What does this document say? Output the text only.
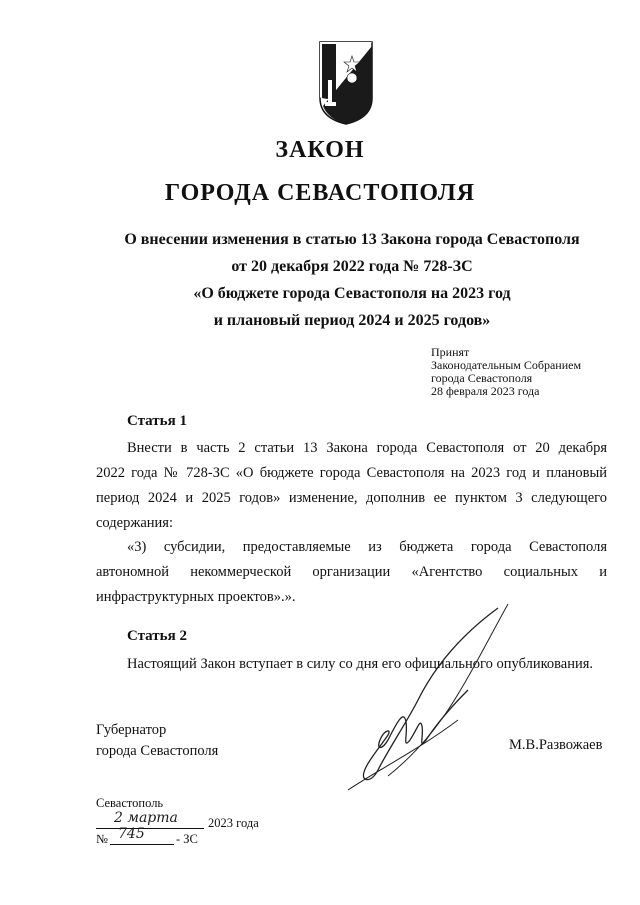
ЗАКОН
ГОРОДА СЕВАСТОПОЛЯ
О внесении изменения в статью 13 Закона города Севастополя
от 20 декабря 2022 года № 728-ЗС
«О бюджете города Севастополя на 2023 год
и плановый период 2024 и 2025 годов»
Принят
Законодательным Собранием
города Севастополя
28 февраля 2023 года
Статья 1
Внести в часть 2 статьи 13 Закона города Севастополя от 20 декабря
2022 года № 728-ЗС «О бюджете города Севастополя на 2023 год и плановый
период 2024 и 2025 годов» изменение, дополнив ее пунктом 3 следующего
содержания:
«3) субсидии, предоставляемые из бюджета города Севастополя
автономной некоммерческой организации «Агентство социальных и
инфраструктурных проектов».».
Статья 2
Настоящий Закон вступает в силу со дня его официального опубликования.
Губернатор
города Севастополя	М.В.Развожаев
Севастополь
2 марта 2023 года
№ 745	- ЗС
